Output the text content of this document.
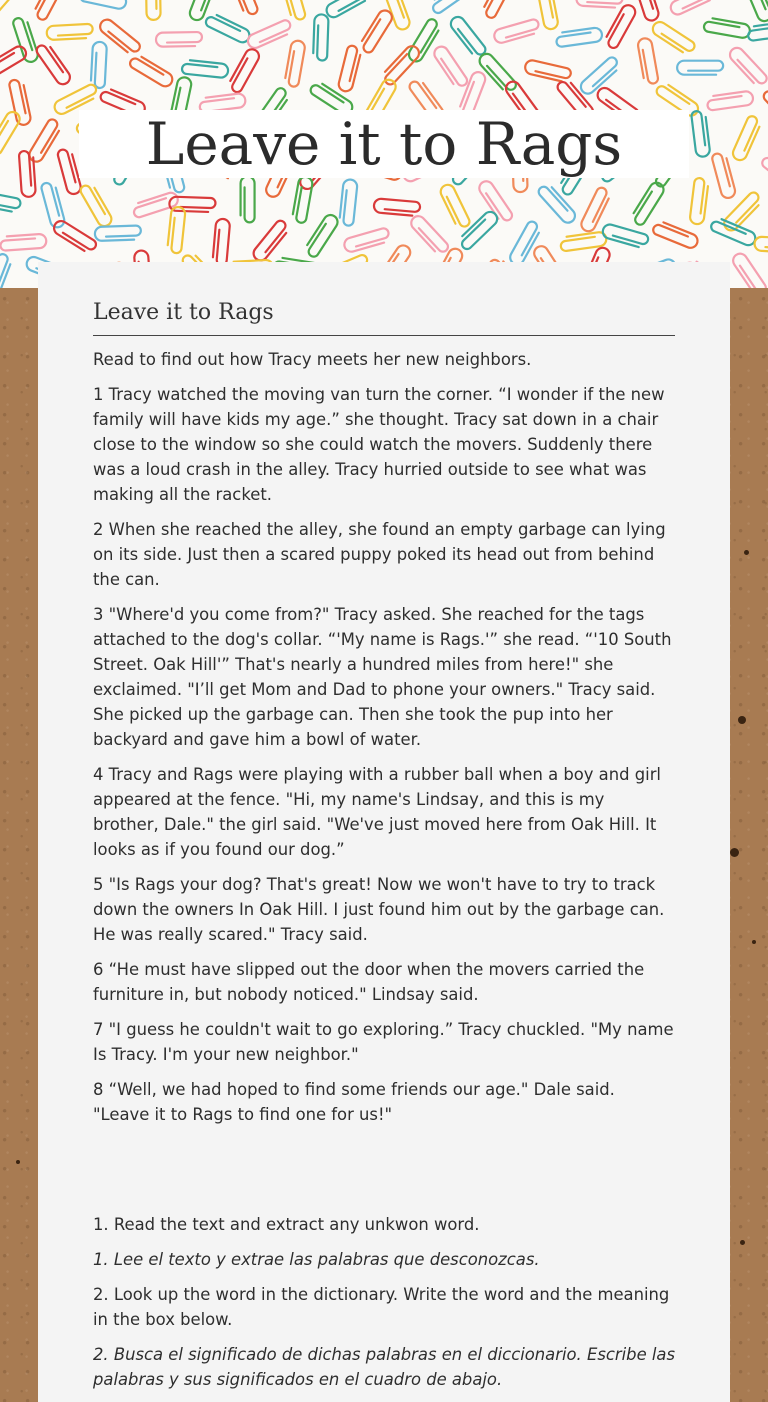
Leave it to Rags
Leave it to Rags

Read to find out how Tracy meets her new neighbors.

1 Tracy watched the moving van turn the corner. “I wonder if the new family will have kids my age.” she thought. Tracy sat down in a chair close to the window so she could watch the movers. Suddenly there was a loud crash in the alley. Tracy hurried outside to see what was making all the racket.

2 When she reached the alley, she found an empty garbage can lying on its side. Just then a scared puppy poked its head out from behind the can.

3 "Where'd you come from?" Tracy asked. She reached for the tags attached to the dog's collar. “'My name is Rags.'” she read. “'10 South Street. Oak Hill'” That's nearly a hundred miles from here!" she exclaimed. "I’ll get Mom and Dad to phone your owners." Tracy said. She picked up the garbage can. Then she took the pup into her backyard and gave him a bowl of water.

4 Tracy and Rags were playing with a rubber ball when a boy and girl appeared at the fence. "Hi, my name's Lindsay, and this is my brother, Dale." the girl said. "We've just moved here from Oak Hill. It looks as if you found our dog.”

5 "Is Rags your dog? That's great! Now we won't have to try to track down the owners In Oak Hill. I just found him out by the garbage can. He was really scared." Tracy said.

6 “He must have slipped out the door when the movers carried the furniture in, but nobody noticed." Lindsay said.

7 "I guess he couldn't wait to go exploring.” Tracy chuckled. "My name Is Tracy. I'm your new neighbor."

8 “Well, we had hoped to find some friends our age." Dale said. "Leave it to Rags to find one for us!"

1. Read the text and extract any unkwon word.

1. Lee el texto y extrae las palabras que desconozcas.

2. Look up the word in the dictionary. Write the word and the meaning in the box below.

2. Busca el significado de dichas palabras en el diccionario. Escribe las palabras y sus significados en el cuadro de abajo.
